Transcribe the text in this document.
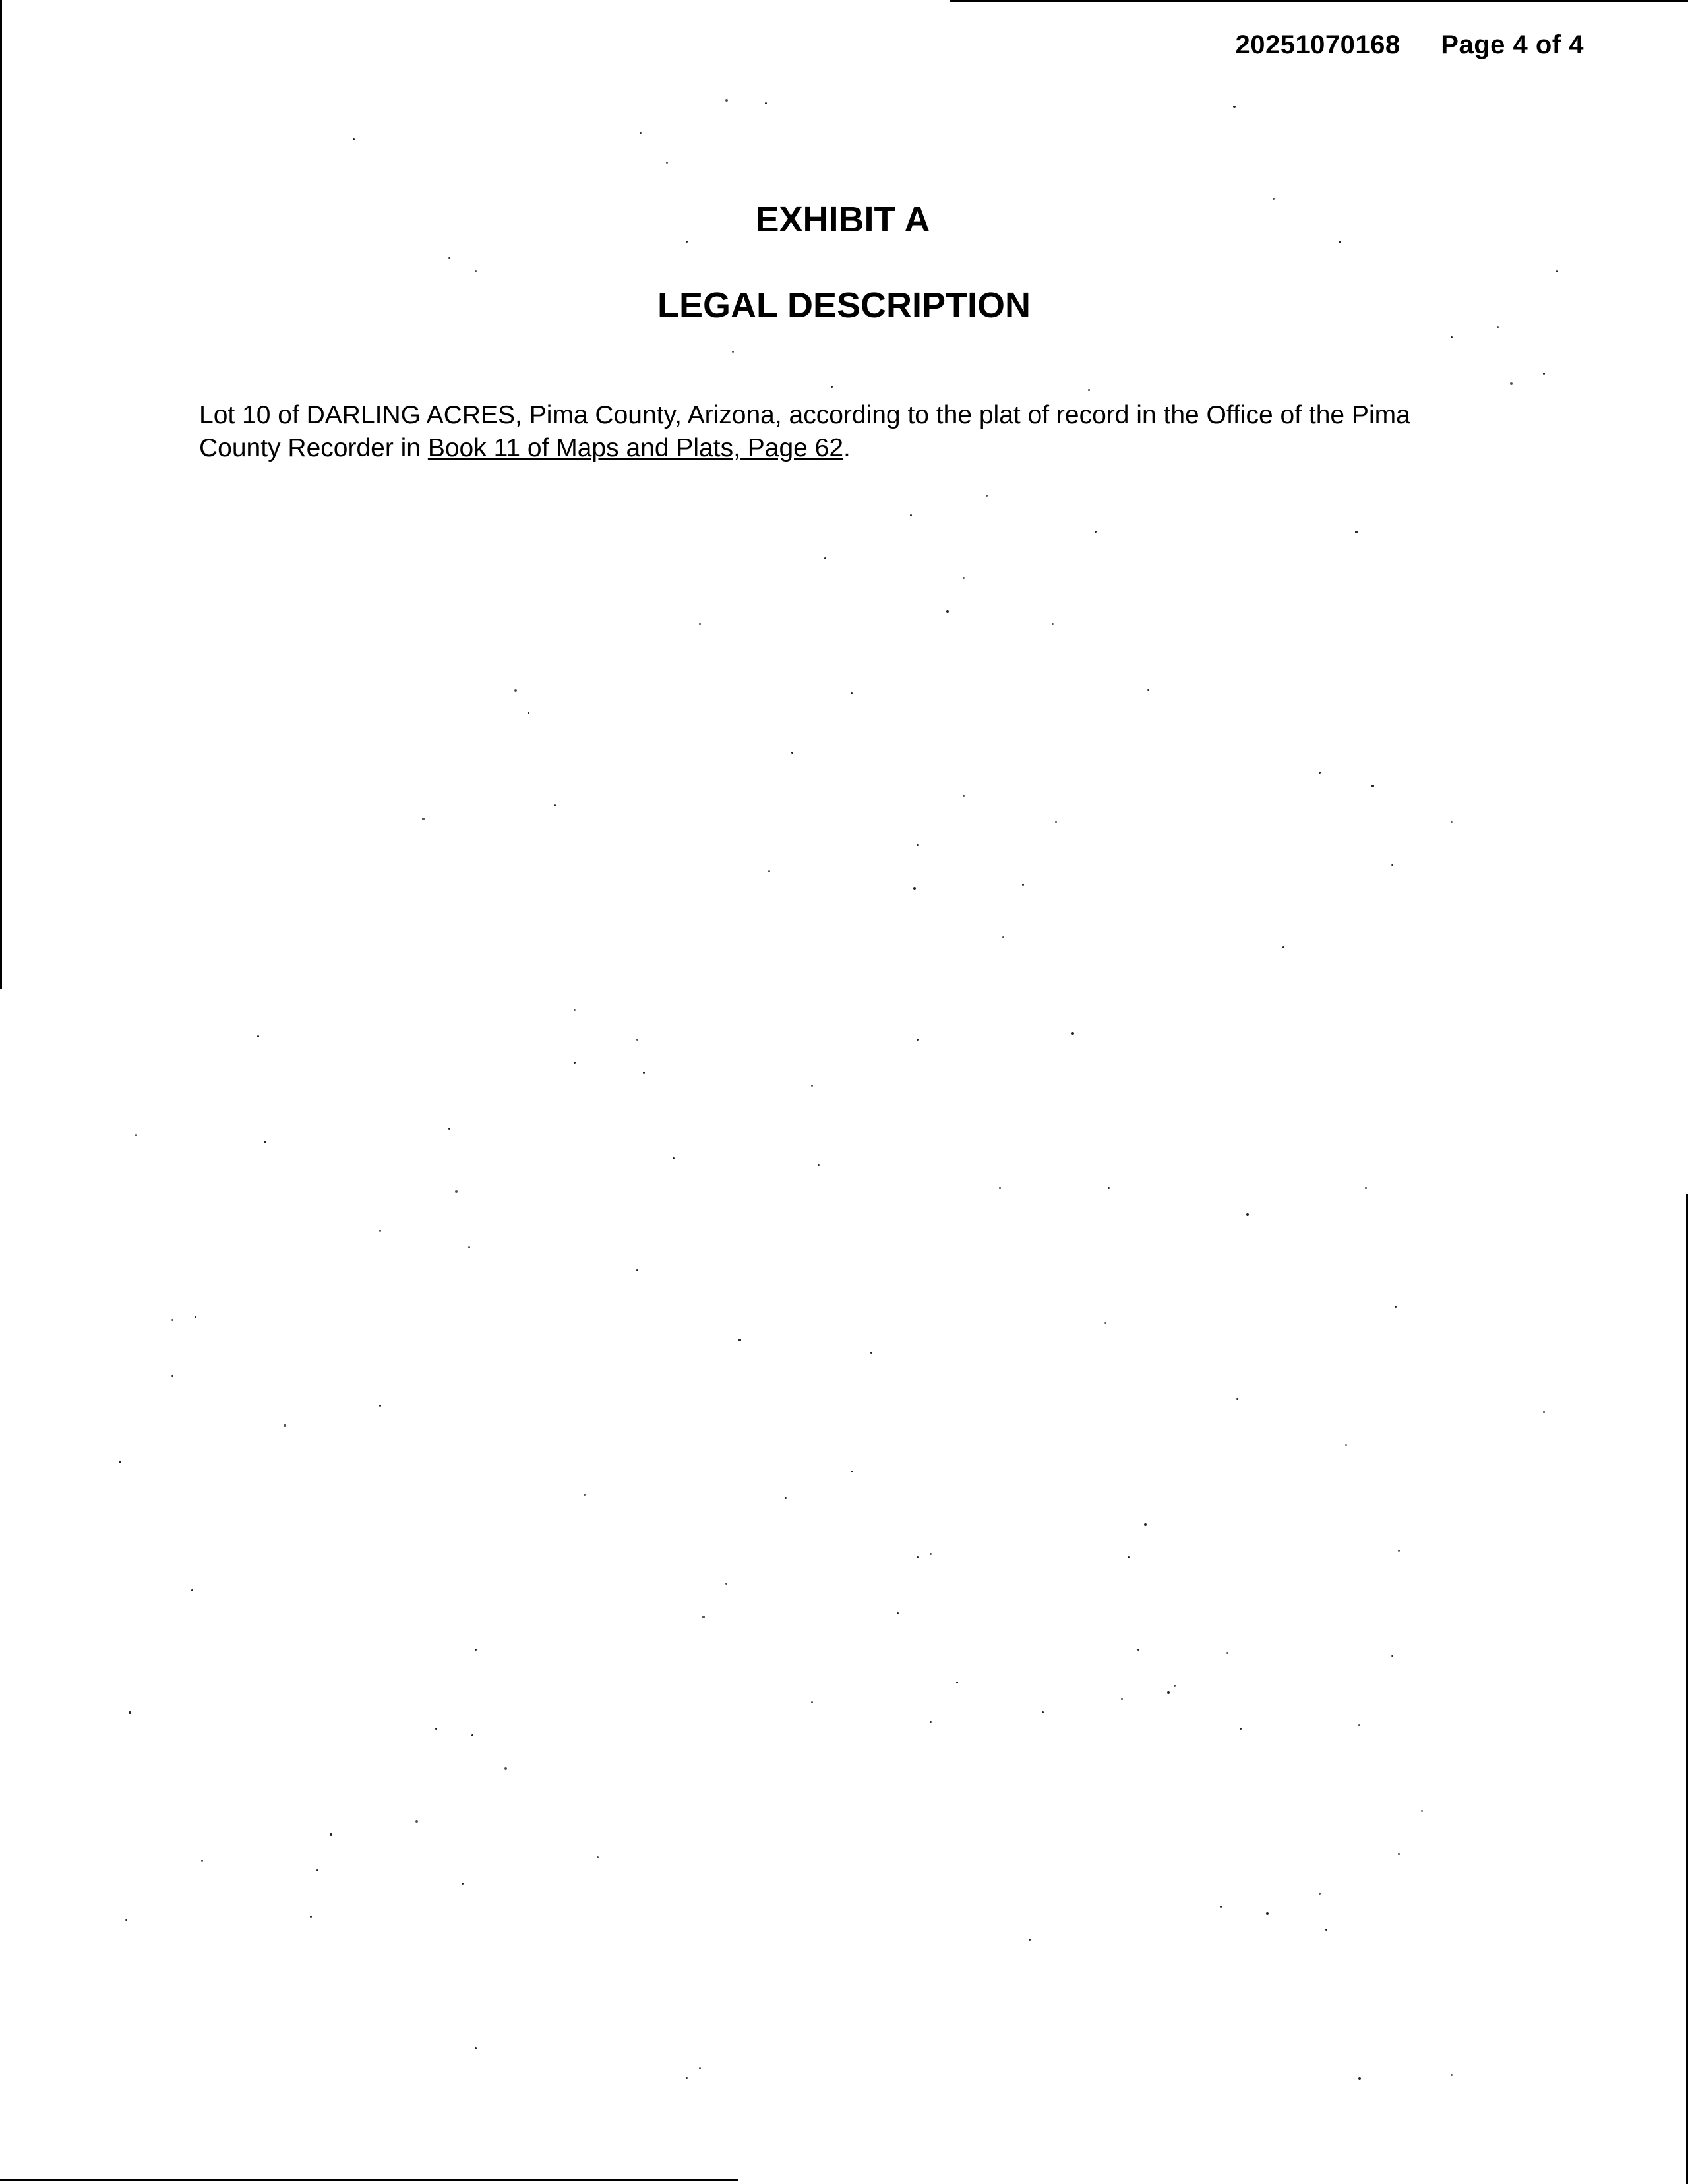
20251070168 Page 4 of 4
EXHIBIT A
LEGAL DESCRIPTION
Lot 10 of DARLING ACRES, Pima County, Arizona, according to the plat of record in the Office of the Pima County Recorder in Book 11 of Maps and Plats, Page 62.
